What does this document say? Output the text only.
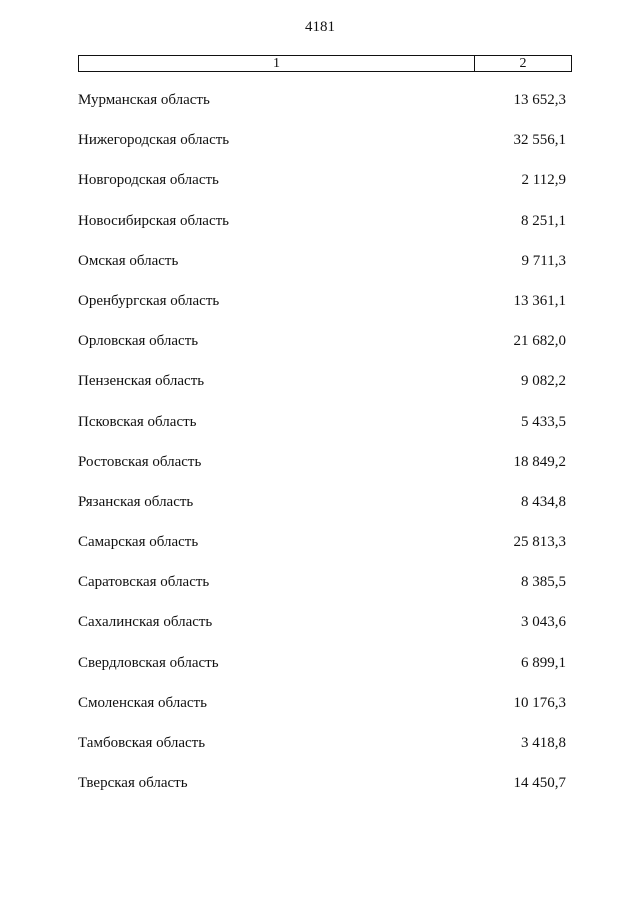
4181
1	2
Мурманская область	13 652,3
Нижегородская область	32 556,1
Новгородская область	2 112,9
Новосибирская область	8 251,1
Омская область	9 711,3
Оренбургская область	13 361,1
Орловская область	21 682,0
Пензенская область	9 082,2
Псковская область	5 433,5
Ростовская область	18 849,2
Рязанская область	8 434,8
Самарская область	25 813,3
Саратовская область	8 385,5
Сахалинская область	3 043,6
Свердловская область	6 899,1
Смоленская область	10 176,3
Тамбовская область	3 418,8
Тверская область	14 450,7
